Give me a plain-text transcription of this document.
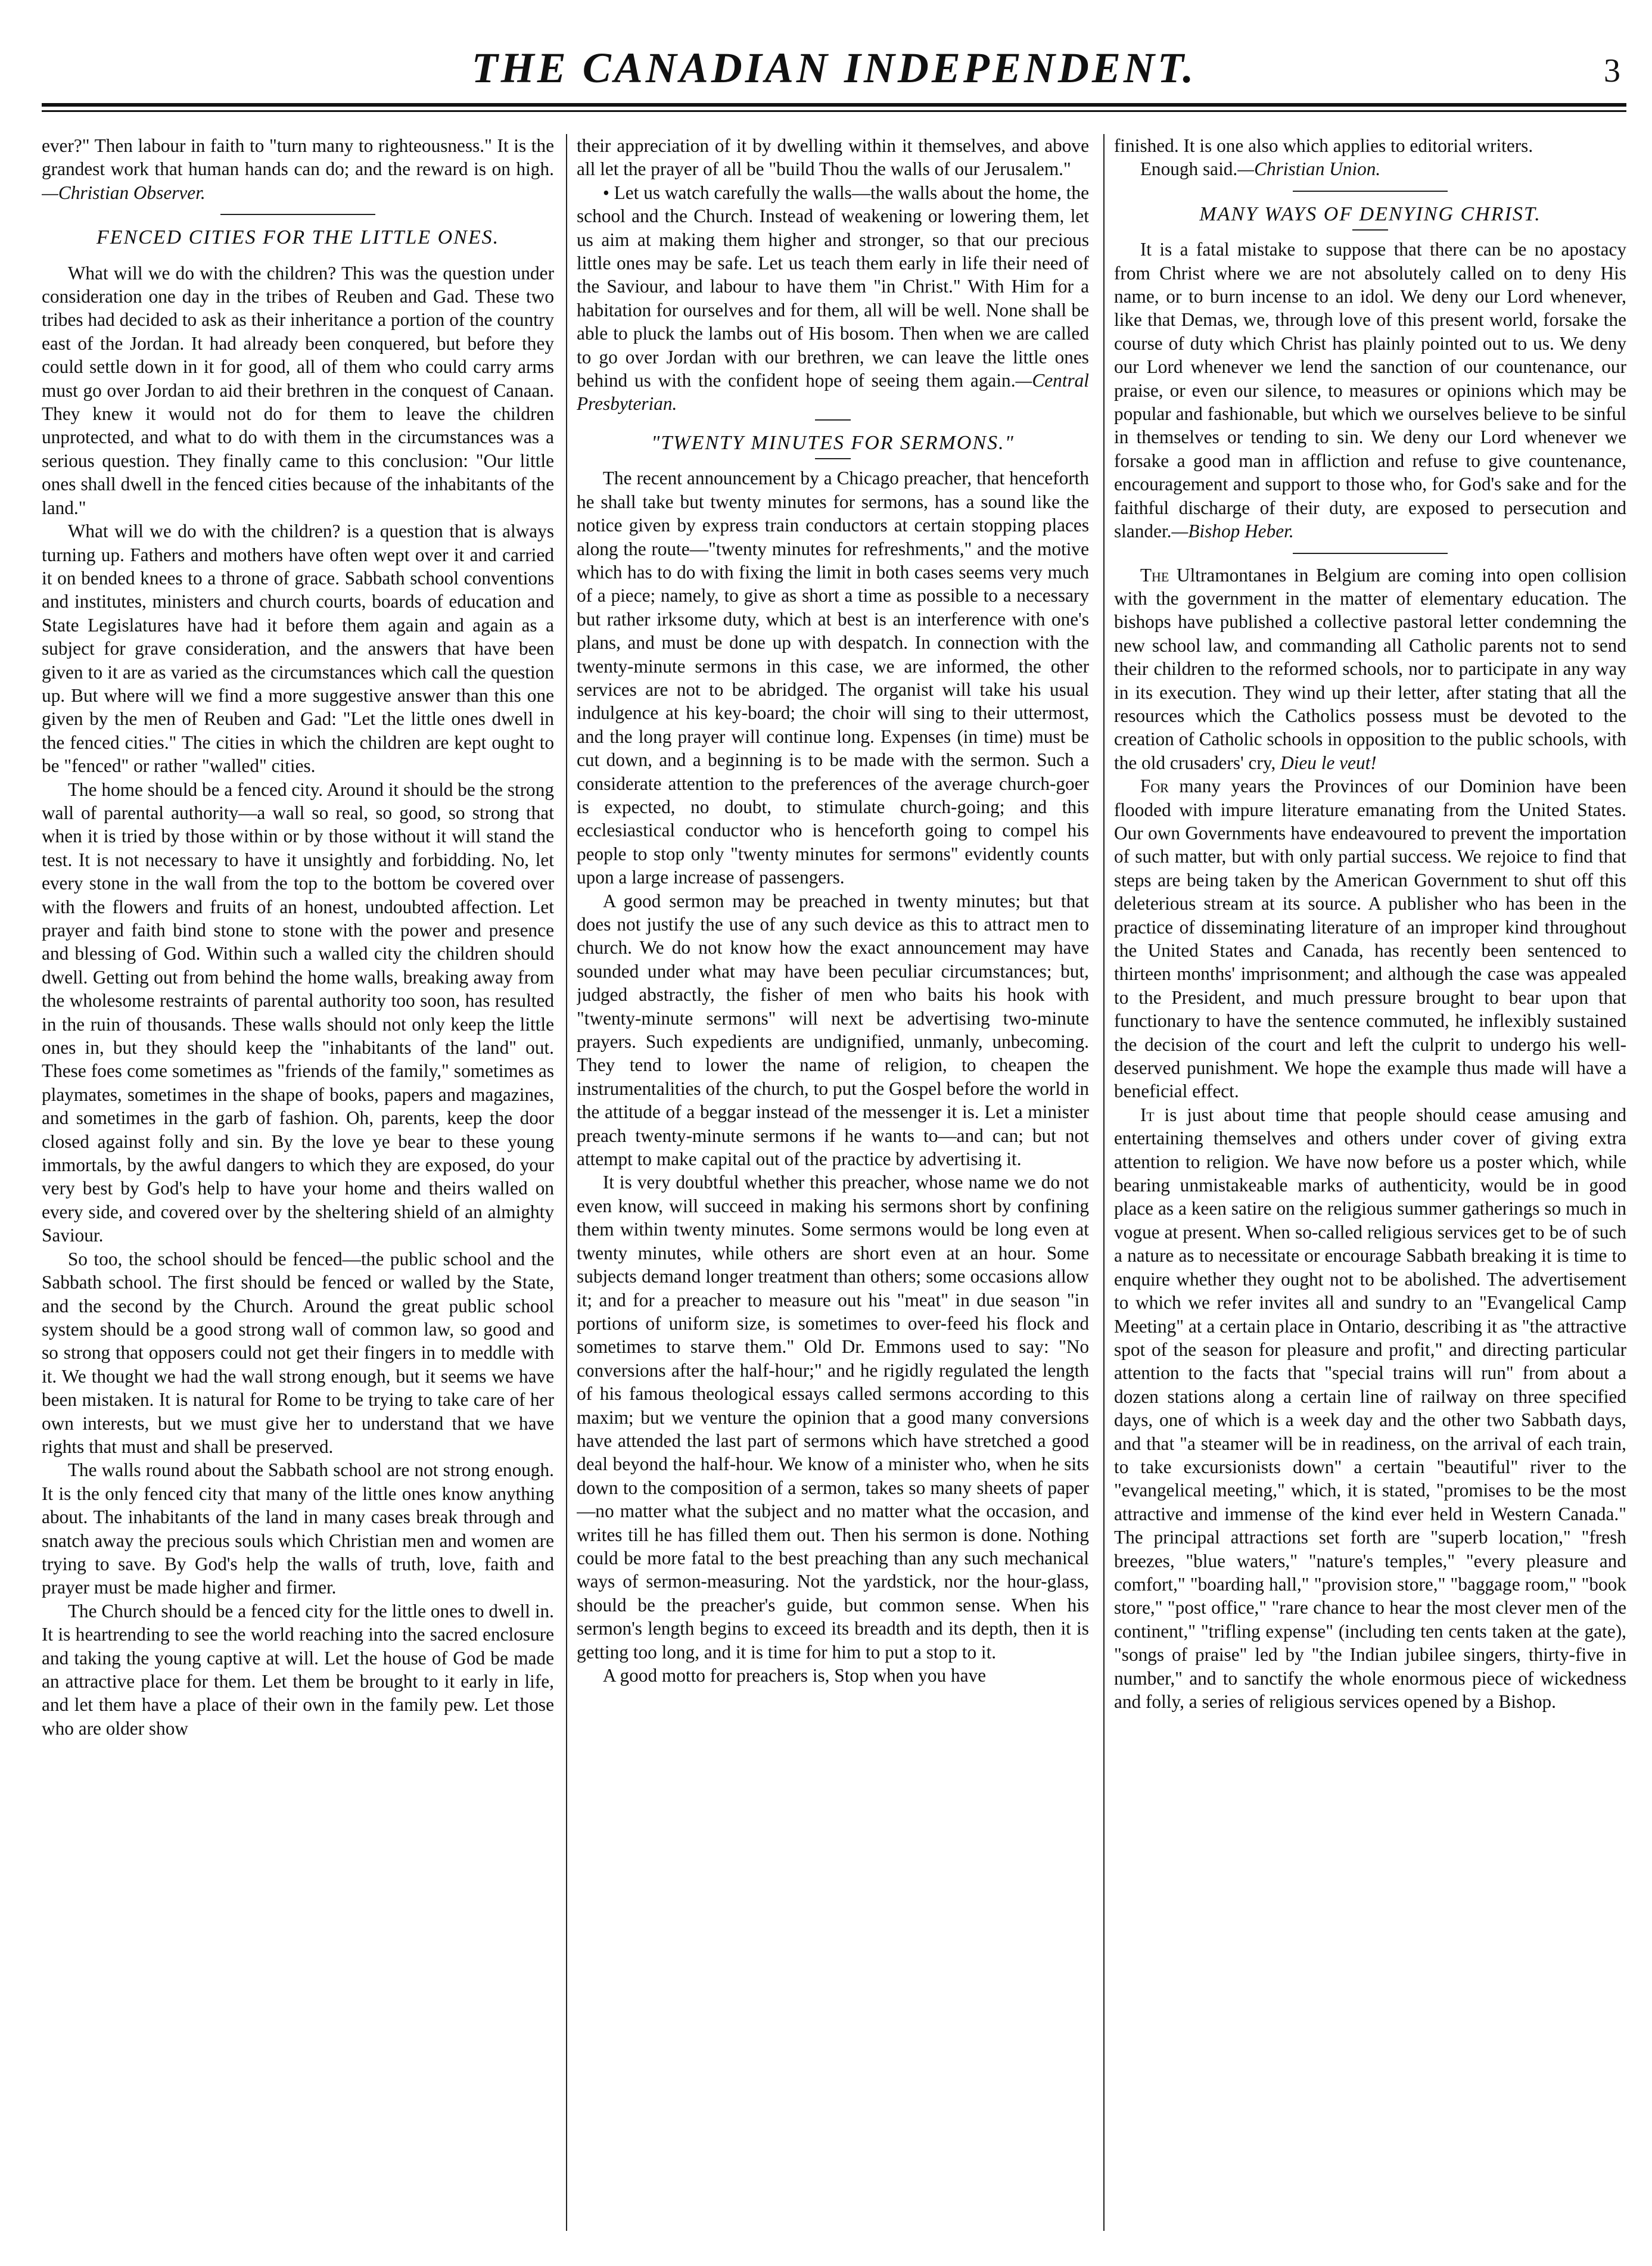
THE CANADIAN INDEPENDENT.	3

ever?" Then labour in faith to "turn many to righteousness." It is the grandest work that human hands can do; and the reward is on high.—Christian Observer.

FENCED CITIES FOR THE LITTLE ONES.

What will we do with the children? This was the question under consideration one day in the tribes of Reuben and Gad. These two tribes had decided to ask as their inheritance a portion of the country east of the Jordan. It had already been conquered, but before they could settle down in it for good, all of them who could carry arms must go over Jordan to aid their brethren in the conquest of Canaan. They knew it would not do for them to leave the children unprotected, and what to do with them in the circumstances was a serious question. They finally came to this conclusion: "Our little ones shall dwell in the fenced cities because of the inhabitants of the land."

What will we do with the children? is a question that is always turning up. Fathers and mothers have often wept over it and carried it on bended knees to a throne of grace. Sabbath school conventions and institutes, ministers and church courts, boards of education and State Legislatures have had it before them again and again as a subject for grave consideration, and the answers that have been given to it are as varied as the circumstances which call the question up. But where will we find a more suggestive answer than this one given by the men of Reuben and Gad: "Let the little ones dwell in the fenced cities." The cities in which the children are kept ought to be "fenced" or rather "walled" cities.

The home should be a fenced city. Around it should be the strong wall of parental authority—a wall so real, so good, so strong that when it is tried by those within or by those without it will stand the test. It is not necessary to have it unsightly and forbidding. No, let every stone in the wall from the top to the bottom be covered over with the flowers and fruits of an honest, undoubted affection. Let prayer and faith bind stone to stone with the power and presence and blessing of God. Within such a walled city the children should dwell. Getting out from behind the home walls, breaking away from the wholesome restraints of parental authority too soon, has resulted in the ruin of thousands. These walls should not only keep the little ones in, but they should keep the "inhabitants of the land" out. These foes come sometimes as "friends of the family," sometimes as playmates, sometimes in the shape of books, papers and magazines, and sometimes in the garb of fashion. Oh, parents, keep the door closed against folly and sin. By the love ye bear to these young immortals, by the awful dangers to which they are exposed, do your very best by God's help to have your home and theirs walled on every side, and covered over by the sheltering shield of an almighty Saviour.

So too, the school should be fenced—the public school and the Sabbath school. The first should be fenced or walled by the State, and the second by the Church. Around the great public school system should be a good strong wall of common law, so good and so strong that opposers could not get their fingers in to meddle with it. We thought we had the wall strong enough, but it seems we have been mistaken. It is natural for Rome to be trying to take care of her own interests, but we must give her to understand that we have rights that must and shall be preserved.

The walls round about the Sabbath school are not strong enough. It is the only fenced city that many of the little ones know anything about. The inhabitants of the land in many cases break through and snatch away the precious souls which Christian men and women are trying to save. By God's help the walls of truth, love, faith and prayer must be made higher and firmer.

The Church should be a fenced city for the little ones to dwell in. It is heartrending to see the world reaching into the sacred enclosure and taking the young captive at will. Let the house of God be made an attractive place for them. Let them be brought to it early in life, and let them have a place of their own in the family pew. Let those who are older show

their appreciation of it by dwelling within it themselves, and above all let the prayer of all be "build Thou the walls of our Jerusalem."

• Let us watch carefully the walls—the walls about the home, the school and the Church. Instead of weakening or lowering them, let us aim at making them higher and stronger, so that our precious little ones may be safe. Let us teach them early in life their need of the Saviour, and labour to have them "in Christ." With Him for a habitation for ourselves and for them, all will be well. None shall be able to pluck the lambs out of His bosom. Then when we are called to go over Jordan with our brethren, we can leave the little ones behind us with the confident hope of seeing them again.—Central Presbyterian.

"TWENTY MINUTES FOR SERMONS."

The recent announcement by a Chicago preacher, that henceforth he shall take but twenty minutes for sermons, has a sound like the notice given by express train conductors at certain stopping places along the route—"twenty minutes for refreshments," and the motive which has to do with fixing the limit in both cases seems very much of a piece; namely, to give as short a time as possible to a necessary but rather irksome duty, which at best is an interference with one's plans, and must be done up with despatch. In connection with the twenty-minute sermons in this case, we are informed, the other services are not to be abridged. The organist will take his usual indulgence at his key-board; the choir will sing to their uttermost, and the long prayer will continue long. Expenses (in time) must be cut down, and a beginning is to be made with the sermon. Such a considerate attention to the preferences of the average church-goer is expected, no doubt, to stimulate church-going; and this ecclesiastical conductor who is henceforth going to compel his people to stop only "twenty minutes for sermons" evidently counts upon a large increase of passengers.

A good sermon may be preached in twenty minutes; but that does not justify the use of any such device as this to attract men to church. We do not know how the exact announcement may have sounded under what may have been peculiar circumstances; but, judged abstractly, the fisher of men who baits his hook with "twenty-minute sermons" will next be advertising two-minute prayers. Such expedients are undignified, unmanly, unbecoming. They tend to lower the name of religion, to cheapen the instrumentalities of the church, to put the Gospel before the world in the attitude of a beggar instead of the messenger it is. Let a minister preach twenty-minute sermons if he wants to—and can; but not attempt to make capital out of the practice by advertising it.

It is very doubtful whether this preacher, whose name we do not even know, will succeed in making his sermons short by confining them within twenty minutes. Some sermons would be long even at twenty minutes, while others are short even at an hour. Some subjects demand longer treatment than others; some occasions allow it; and for a preacher to measure out his "meat" in due season "in portions of uniform size, is sometimes to over-feed his flock and sometimes to starve them." Old Dr. Emmons used to say: "No conversions after the half-hour;" and he rigidly regulated the length of his famous theological essays called sermons according to this maxim; but we venture the opinion that a good many conversions have attended the last part of sermons which have stretched a good deal beyond the half-hour. We know of a minister who, when he sits down to the composition of a sermon, takes so many sheets of paper—no matter what the subject and no matter what the occasion, and writes till he has filled them out. Then his sermon is done. Nothing could be more fatal to the best preaching than any such mechanical ways of sermon-measuring. Not the yardstick, nor the hour-glass, should be the preacher's guide, but common sense. When his sermon's length begins to exceed its breadth and its depth, then it is getting too long, and it is time for him to put a stop to it.

A good motto for preachers is, Stop when you have

finished. It is one also which applies to editorial writers.

Enough said.—Christian Union.

MANY WAYS OF DENYING CHRIST.

It is a fatal mistake to suppose that there can be no apostacy from Christ where we are not absolutely called on to deny His name, or to burn incense to an idol. We deny our Lord whenever, like that Demas, we, through love of this present world, forsake the course of duty which Christ has plainly pointed out to us. We deny our Lord whenever we lend the sanction of our countenance, our praise, or even our silence, to measures or opinions which may be popular and fashionable, but which we ourselves believe to be sinful in themselves or tending to sin. We deny our Lord whenever we forsake a good man in affliction and refuse to give countenance, encouragement and support to those who, for God's sake and for the faithful discharge of their duty, are exposed to persecution and slander.—Bishop Heber.

The Ultramontanes in Belgium are coming into open collision with the government in the matter of elementary education. The bishops have published a collective pastoral letter condemning the new school law, and commanding all Catholic parents not to send their children to the reformed schools, nor to participate in any way in its execution. They wind up their letter, after stating that all the resources which the Catholics possess must be devoted to the creation of Catholic schools in opposition to the public schools, with the old crusaders' cry, Dieu le veut!

For many years the Provinces of our Dominion have been flooded with impure literature emanating from the United States. Our own Governments have endeavoured to prevent the importation of such matter, but with only partial success. We rejoice to find that steps are being taken by the American Government to shut off this deleterious stream at its source. A publisher who has been in the practice of disseminating literature of an improper kind throughout the United States and Canada, has recently been sentenced to thirteen months' imprisonment; and although the case was appealed to the President, and much pressure brought to bear upon that functionary to have the sentence commuted, he inflexibly sustained the decision of the court and left the culprit to undergo his well-deserved punishment. We hope the example thus made will have a beneficial effect.

It is just about time that people should cease amusing and entertaining themselves and others under cover of giving extra attention to religion. We have now before us a poster which, while bearing unmistakeable marks of authenticity, would be in good place as a keen satire on the religious summer gatherings so much in vogue at present. When so-called religious services get to be of such a nature as to necessitate or encourage Sabbath breaking it is time to enquire whether they ought not to be abolished. The advertisement to which we refer invites all and sundry to an "Evangelical Camp Meeting" at a certain place in Ontario, describing it as "the attractive spot of the season for pleasure and profit," and directing particular attention to the facts that "special trains will run" from about a dozen stations along a certain line of railway on three specified days, one of which is a week day and the other two Sabbath days, and that "a steamer will be in readiness, on the arrival of each train, to take excursionists down" a certain "beautiful" river to the "evangelical meeting," which, it is stated, "promises to be the most attractive and immense of the kind ever held in Western Canada." The principal attractions set forth are "superb location," "fresh breezes, "blue waters," "nature's temples," "every pleasure and comfort," "boarding hall," "provision store," "baggage room," "book store," "post office," "rare chance to hear the most clever men of the continent," "trifling expense" (including ten cents taken at the gate), "songs of praise" led by "the Indian jubilee singers, thirty-five in number," and to sanctify the whole enormous piece of wickedness and folly, a series of religious services opened by a Bishop.
